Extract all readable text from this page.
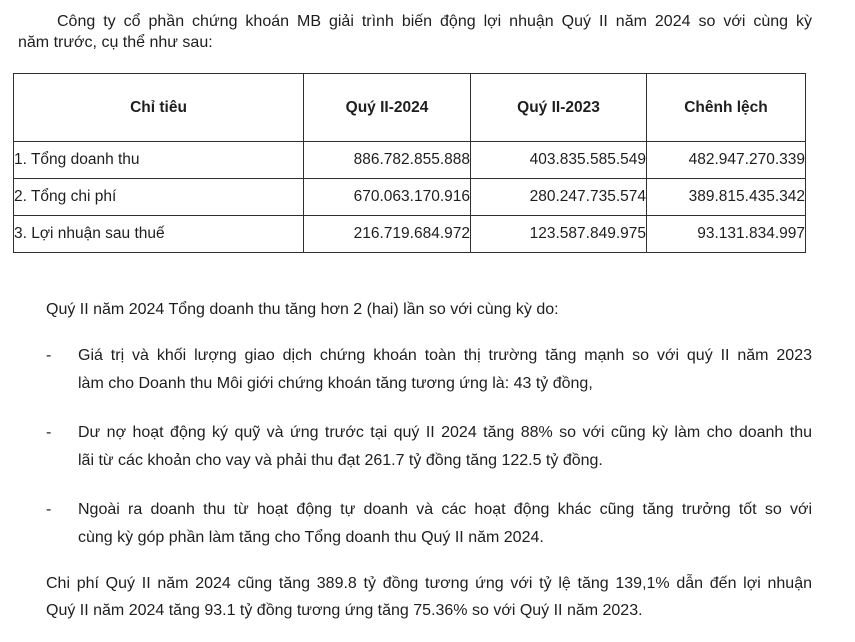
Công ty cổ phần chứng khoán MB giải trình biến động lợi nhuận Quý II năm 2024 so với cùng kỳ
năm trước, cụ thể như sau:

Chỉ tiêu	Quý II-2024	Quý II-2023	Chênh lệch
1. Tổng doanh thu	886.782.855.888	403.835.585.549	482.947.270.339
2. Tổng chi phí	670.063.170.916	280.247.735.574	389.815.435.342
3. Lợi nhuận sau thuế	216.719.684.972	123.587.849.975	93.131.834.997

Quý II năm 2024 Tổng doanh thu tăng hơn 2 (hai) lần so với cùng kỳ do:

-	Giá trị và khối lượng giao dịch chứng khoán toàn thị trường tăng mạnh so với quý II năm 2023
làm cho Doanh thu Môi giới chứng khoán tăng tương ứng là: 43 tỷ đồng,
-	Dư nợ hoạt động ký quỹ và ứng trước tại quý II 2024 tăng 88% so với cũng kỳ làm cho doanh thu
lãi từ các khoản cho vay và phải thu đạt 261.7 tỷ đồng tăng 122.5 tỷ đồng.
-	Ngoài ra doanh thu từ hoạt động tự doanh và các hoạt động khác cũng tăng trưởng tốt so với
cùng kỳ góp phần làm tăng cho Tổng doanh thu Quý II năm 2024.

Chi phí Quý II năm 2024 cũng tăng 389.8 tỷ đồng tương ứng với tỷ lệ tăng 139,1% dẫn đến lợi nhuận
Quý II năm 2024 tăng 93.1 tỷ đồng tương ứng tăng 75.36% so với Quý II năm 2023.
